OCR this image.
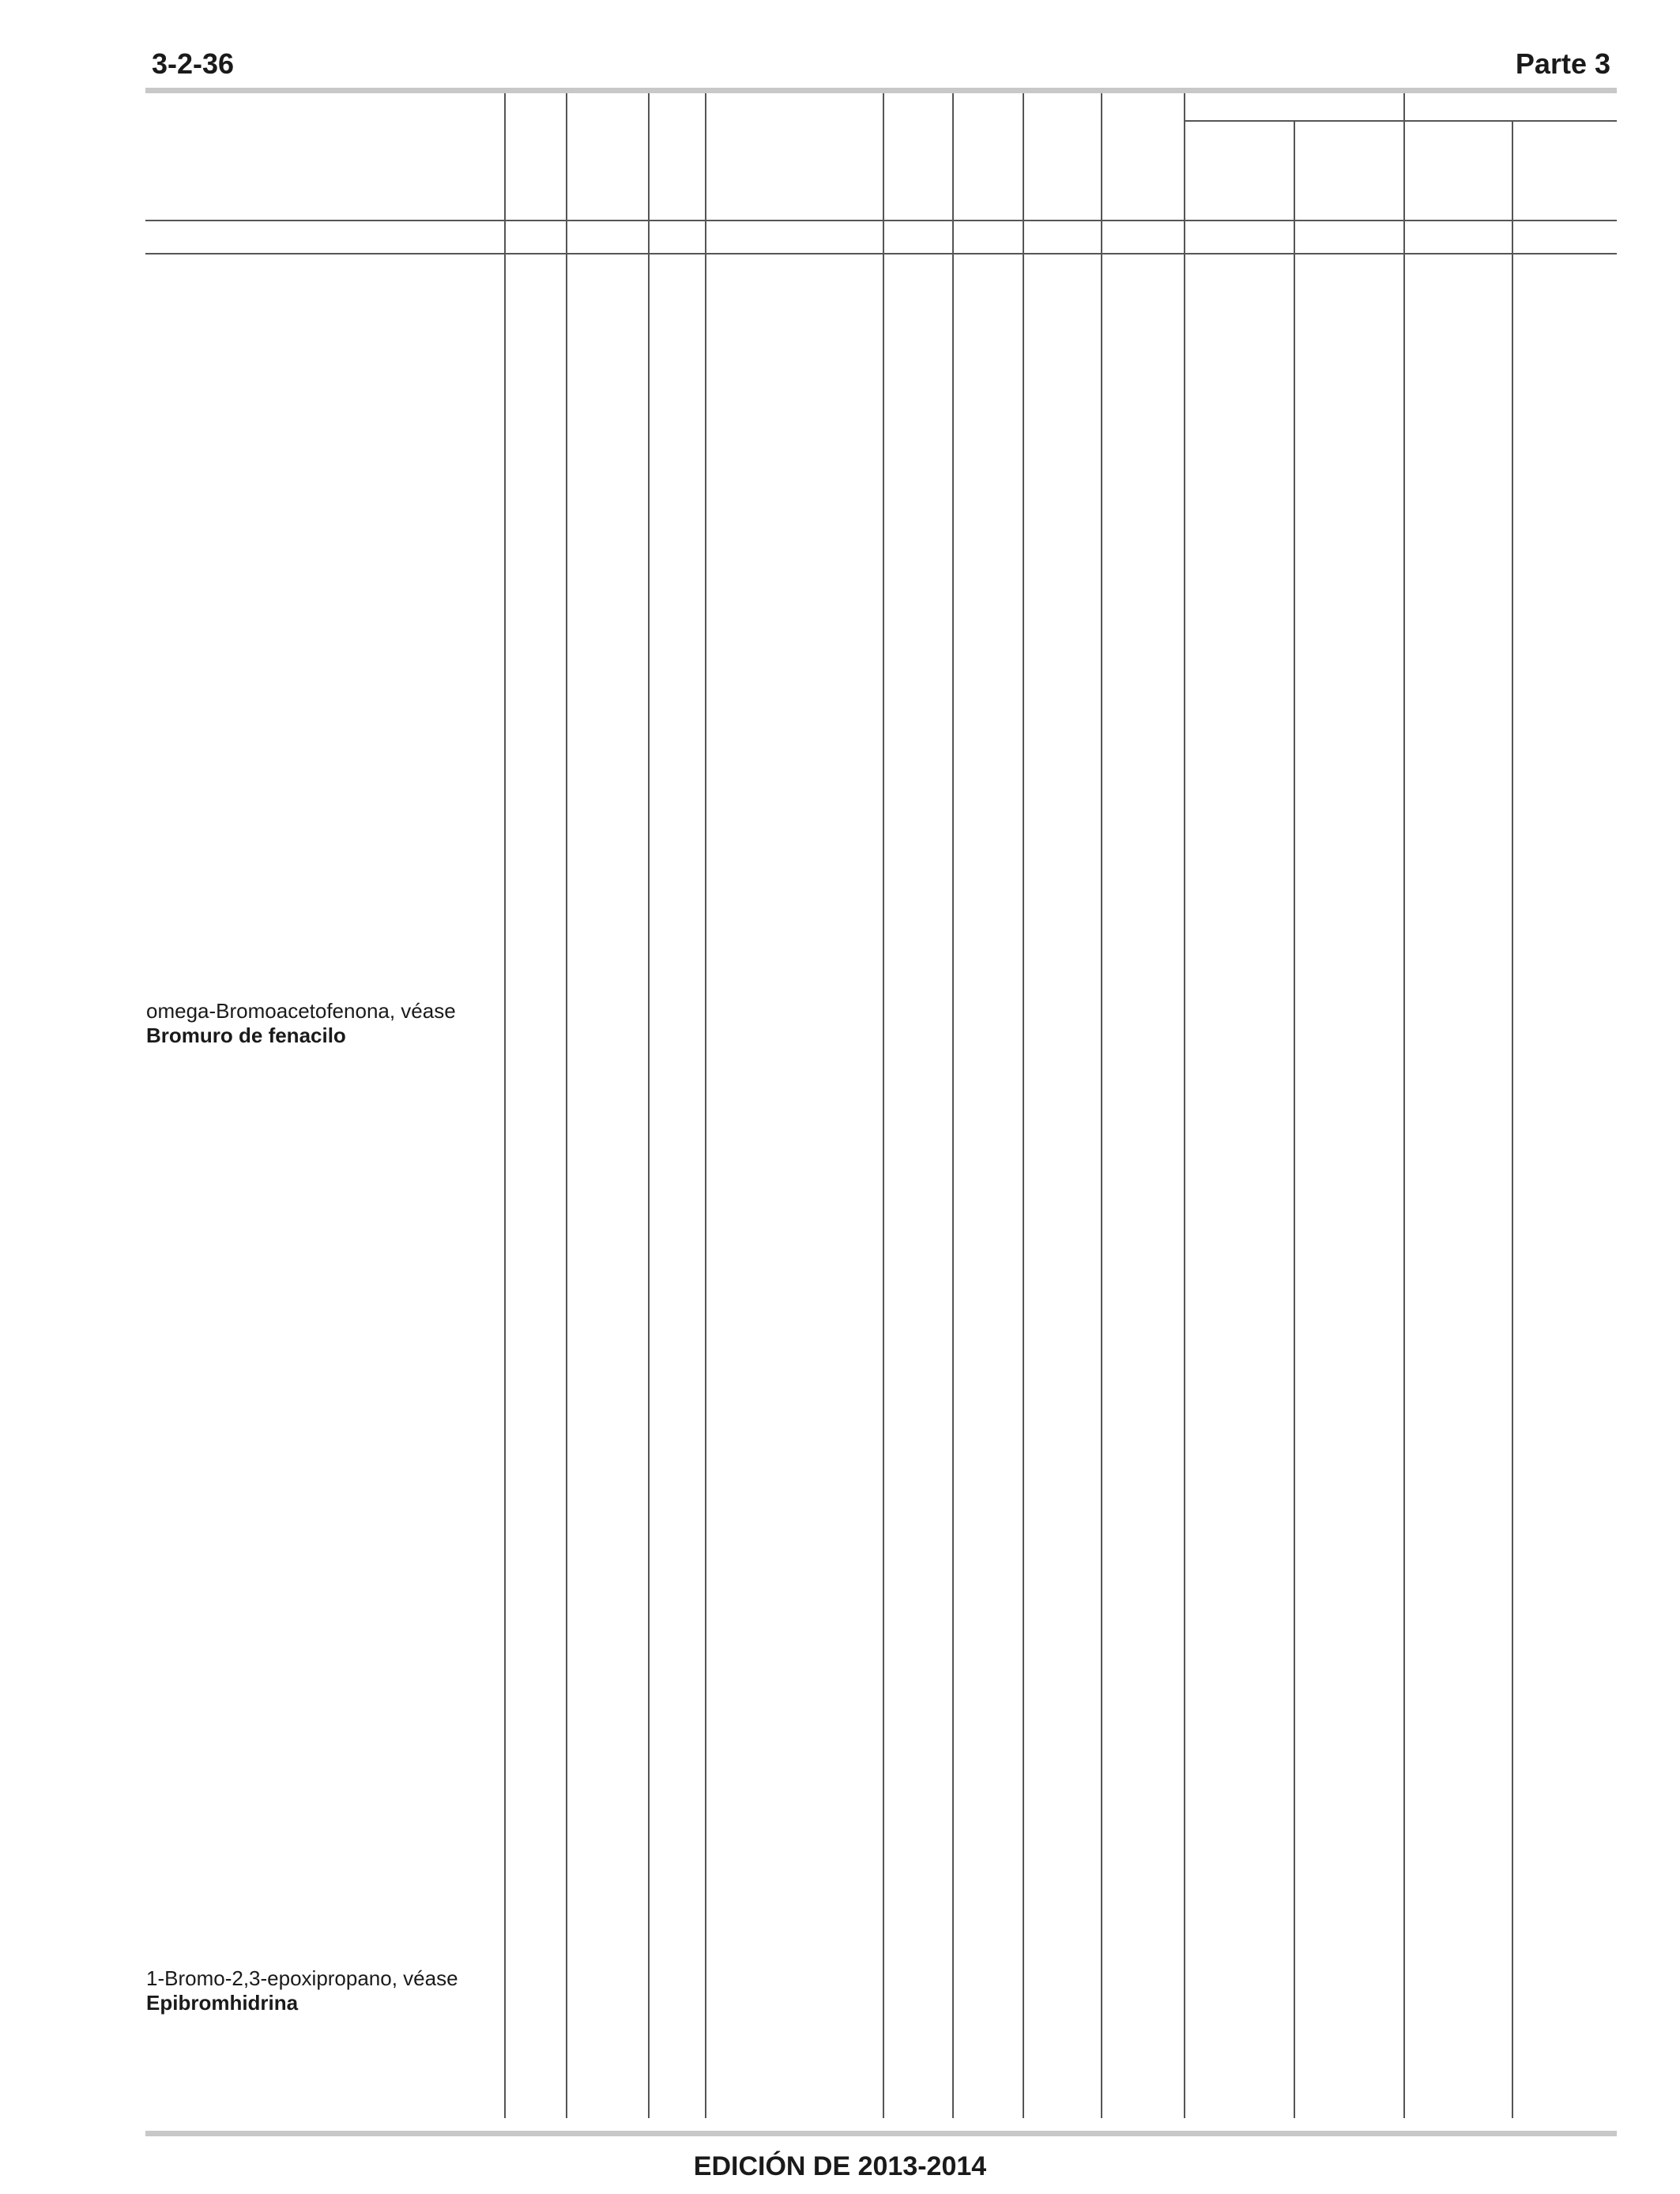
3-2-36	Parte 3
omega-Bromoacetofenona, véase
Bromuro de fenacilo
1-Bromo-2,3-epoxipropano, véase
Epibromhidrina
EDICIÓN DE 2013-2014
